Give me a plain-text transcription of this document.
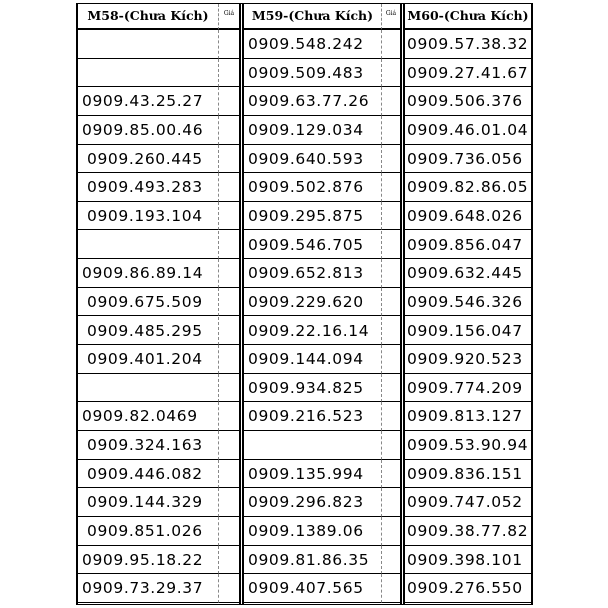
M58-(Chưa Kích)	Giá
0909.43.25.27
0909.85.00.46
0909.260.445
0909.493.283
0909.193.104
0909.86.89.14
0909.675.509
0909.485.295
0909.401.204
0909.82.0469
0909.324.163
0909.446.082
0909.144.329
0909.851.026
0909.95.18.22
0909.73.29.37
M59-(Chưa Kích)	Giá
0909.548.242
0909.509.483
0909.63.77.26
0909.129.034
0909.640.593
0909.502.876
0909.295.875
0909.546.705
0909.652.813
0909.229.620
0909.22.16.14
0909.144.094
0909.934.825
0909.216.523
0909.135.994
0909.296.823
0909.1389.06
0909.81.86.35
0909.407.565
M60-(Chưa Kích)
0909.57.38.32
0909.27.41.67
0909.506.376
0909.46.01.04
0909.736.056
0909.82.86.05
0909.648.026
0909.856.047
0909.632.445
0909.546.326
0909.156.047
0909.920.523
0909.774.209
0909.813.127
0909.53.90.94
0909.836.151
0909.747.052
0909.38.77.82
0909.398.101
0909.276.550
